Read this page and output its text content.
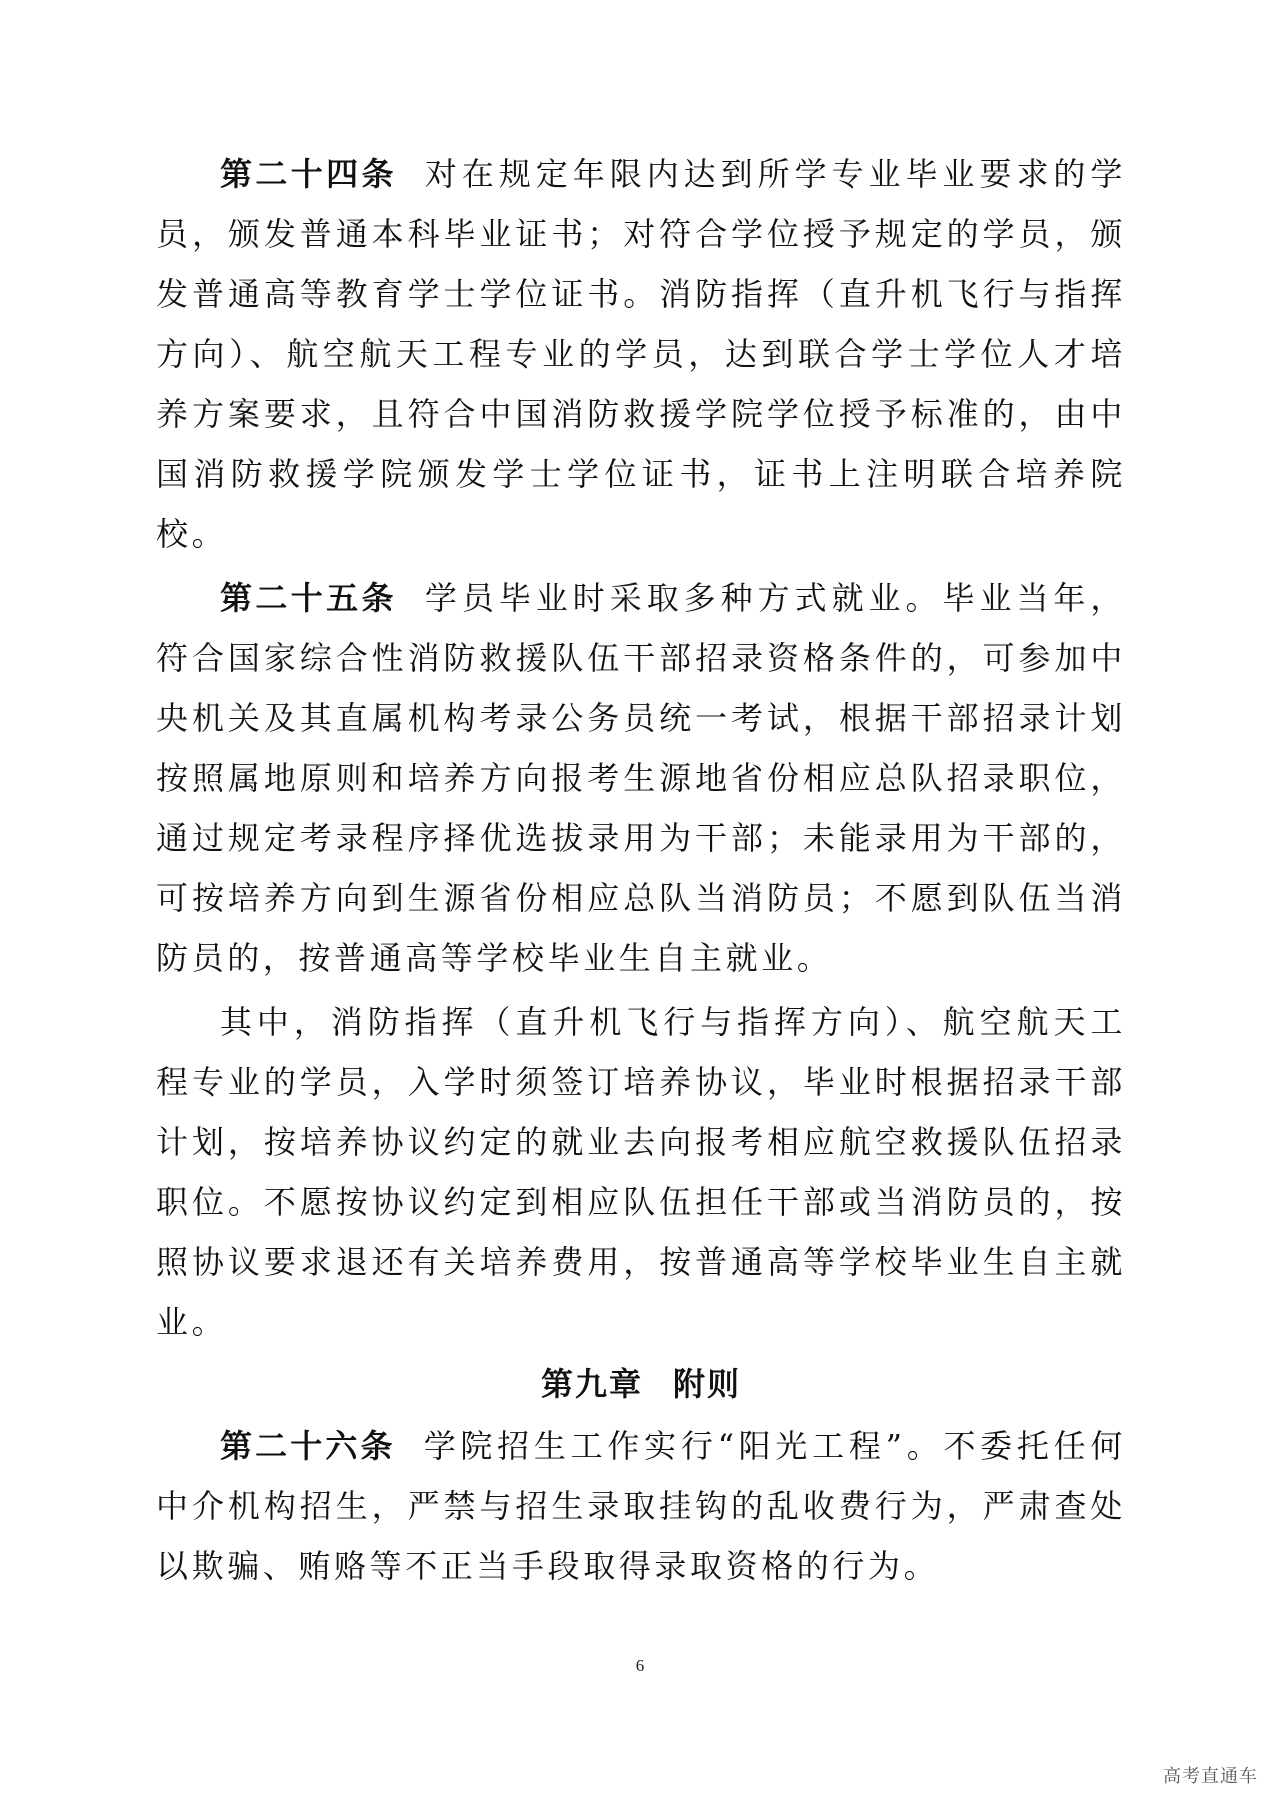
第二十四条 对在规定年限内达到所学专业毕业要求的学员，颁发普通本科毕业证书；对符合学位授予规定的学员，颁发普通高等教育学士学位证书。消防指挥（直升机飞行与指挥方向）、航空航天工程专业的学员，达到联合学士学位人才培养方案要求，且符合中国消防救援学院学位授予标准的，由中国消防救援学院颁发学士学位证书，证书上注明联合培养院校。

第二十五条 学员毕业时采取多种方式就业。毕业当年，符合国家综合性消防救援队伍干部招录资格条件的，可参加中央机关及其直属机构考录公务员统一考试，根据干部招录计划按照属地原则和培养方向报考生源地省份相应总队招录职位，通过规定考录程序择优选拔录用为干部；未能录用为干部的，可按培养方向到生源省份相应总队当消防员；不愿到队伍当消防员的，按普通高等学校毕业生自主就业。

其中，消防指挥（直升机飞行与指挥方向）、航空航天工程专业的学员，入学时须签订培养协议，毕业时根据招录干部计划，按培养协议约定的就业去向报考相应航空救援队伍招录职位。不愿按协议约定到相应队伍担任干部或当消防员的，按照协议要求退还有关培养费用，按普通高等学校毕业生自主就业。

第九章 附则

第二十六条 学院招生工作实行“阳光工程”。不委托任何中介机构招生，严禁与招生录取挂钩的乱收费行为，严肃查处以欺骗、贿赂等不正当手段取得录取资格的行为。

6
高考直通车
